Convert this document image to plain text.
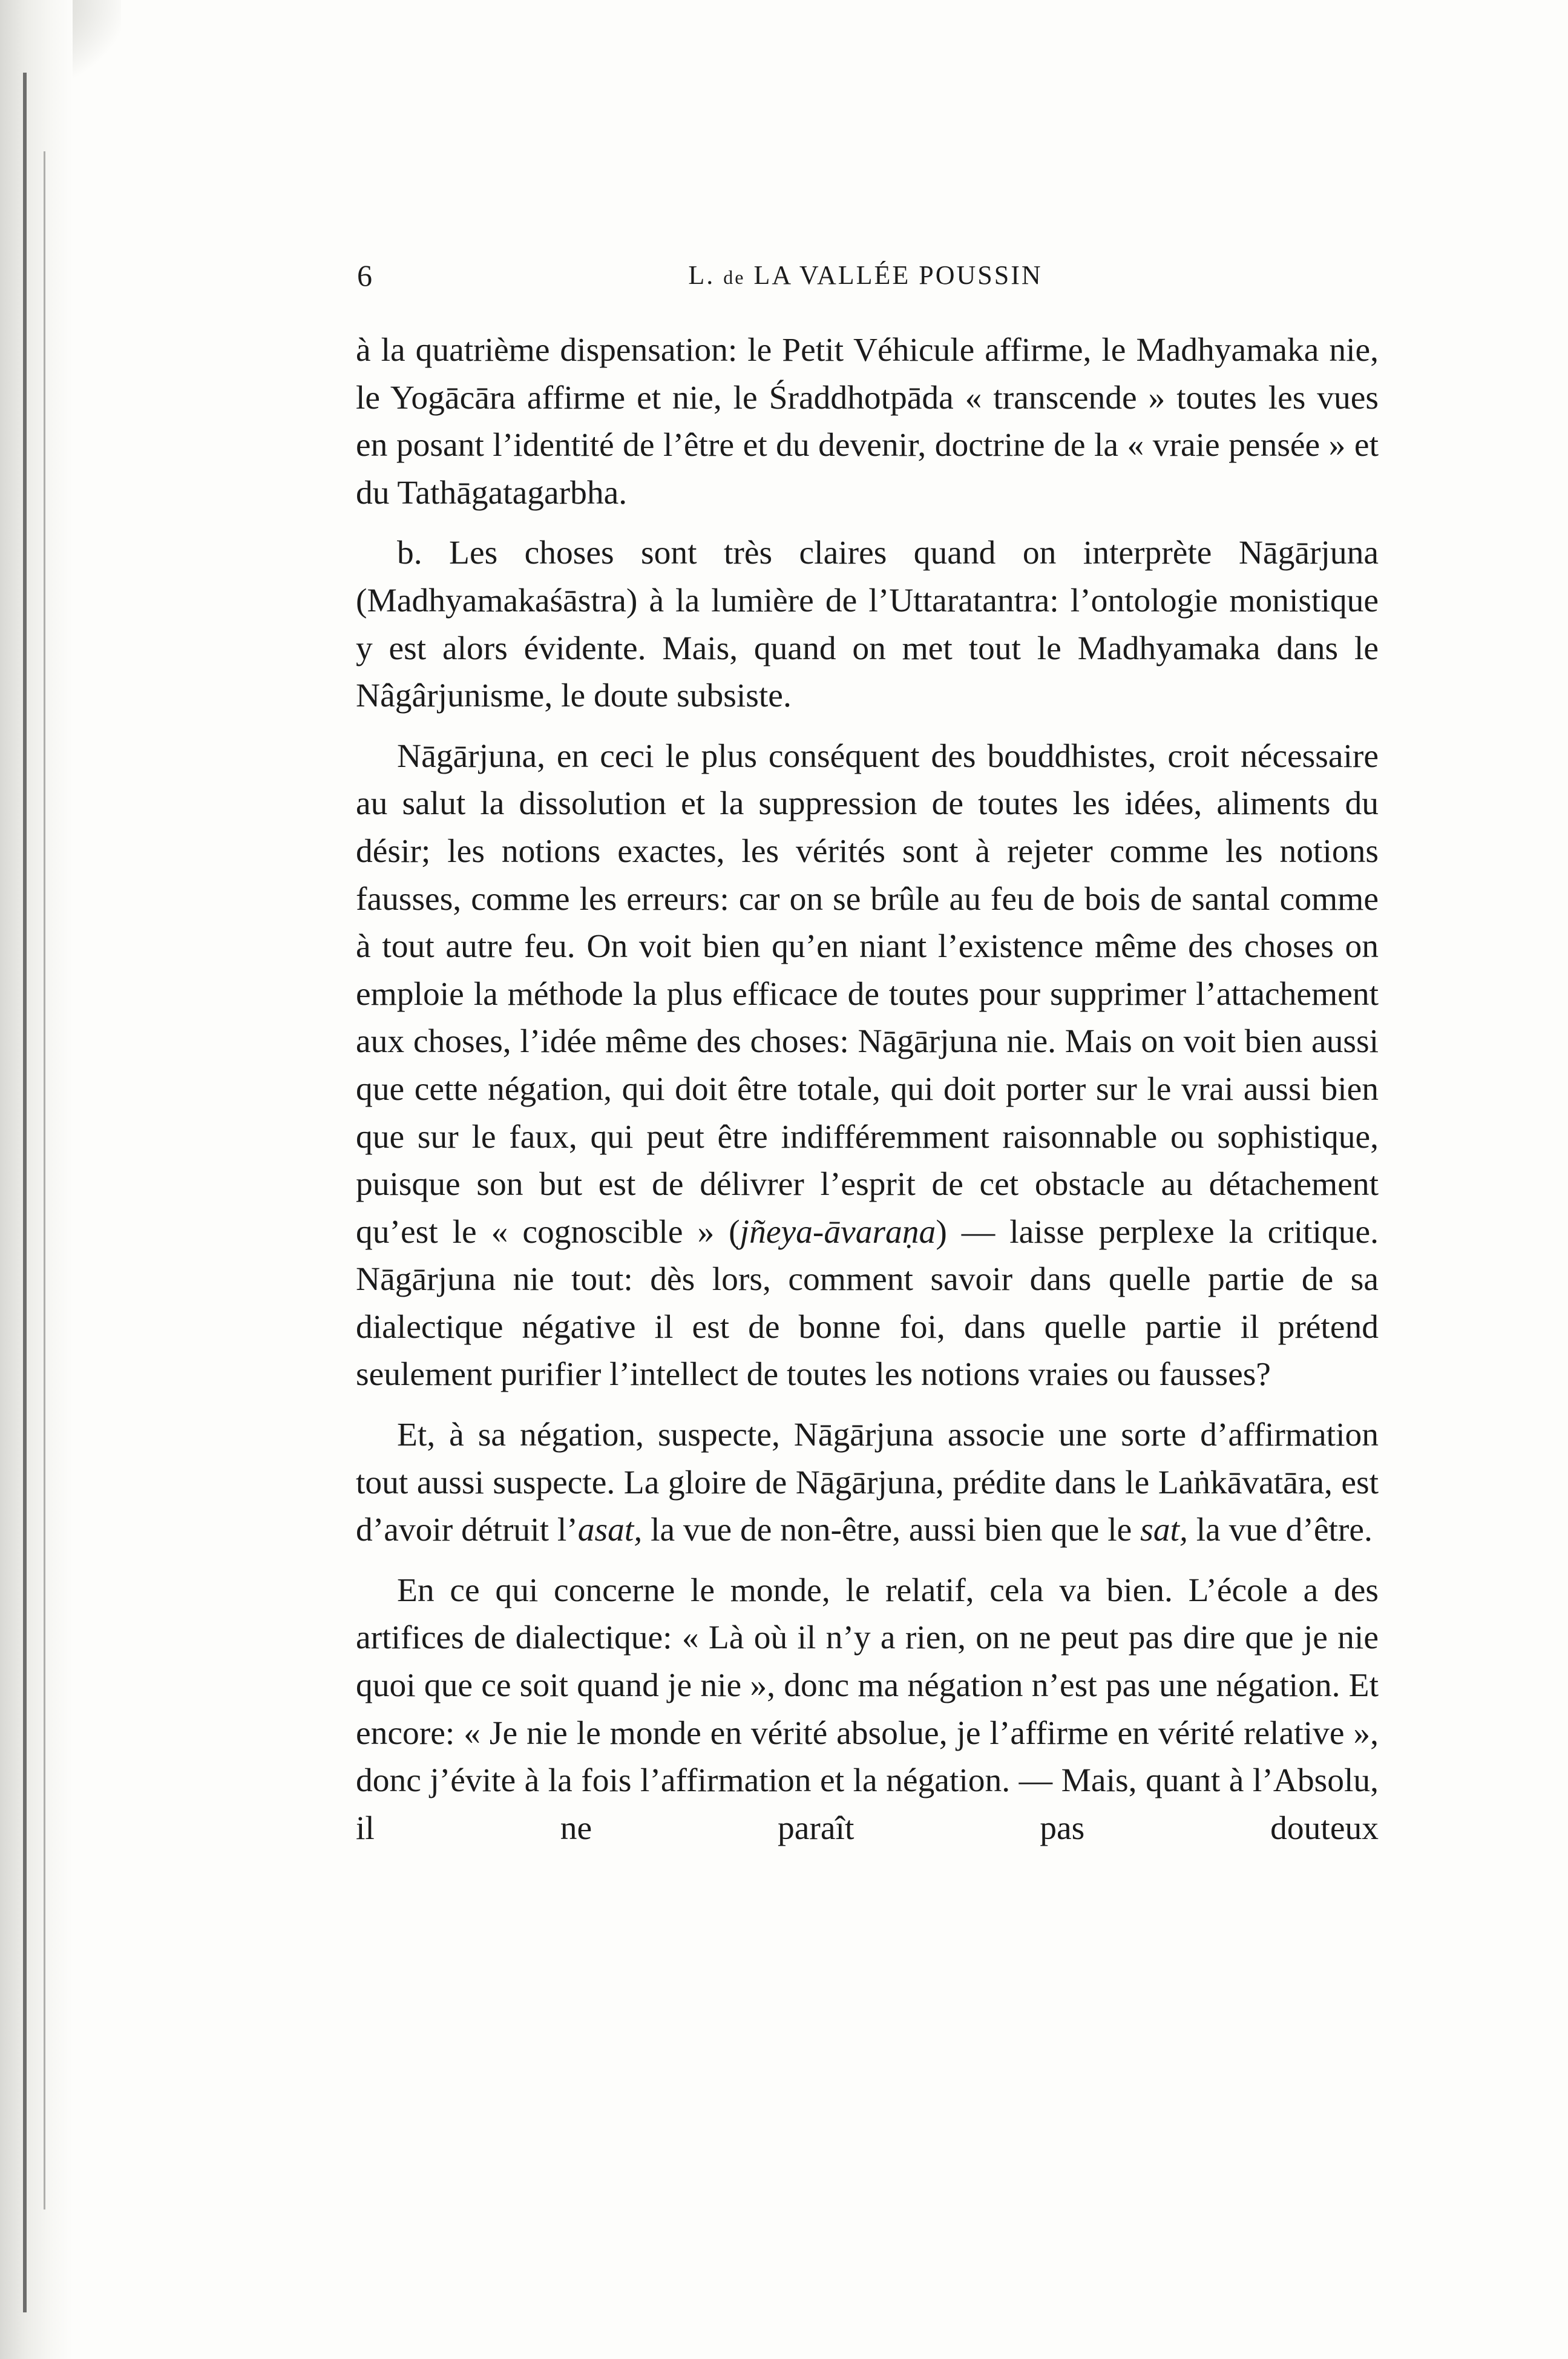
6	L. de LA VALLÉE POUSSIN

à la quatrième dispensation: le Petit Véhicule affirme, le Madhyamaka nie, le Yogācāra affirme et nie, le Śraddhotpāda « transcende » toutes les vues en posant l’identité de l’être et du devenir, doctrine de la « vraie pensée » et du Tathāgatagarbha.

b. Les choses sont très claires quand on interprète Nāgārjuna (Madhyamakaśāstra) à la lumière de l’Uttaratantra: l’ontologie monistique y est alors évidente. Mais, quand on met tout le Madhyamaka dans le Nâgârjunisme, le doute subsiste.

Nāgārjuna, en ceci le plus conséquent des bouddhistes, croit nécessaire au salut la dissolution et la suppression de toutes les idées, aliments du désir; les notions exactes, les vérités sont à rejeter comme les notions fausses, comme les erreurs: car on se brûle au feu de bois de santal comme à tout autre feu. On voit bien qu’en niant l’existence même des choses on emploie la méthode la plus efficace de toutes pour supprimer l’attachement aux choses, l’idée même des choses: Nāgārjuna nie. Mais on voit bien aussi que cette négation, qui doit être totale, qui doit porter sur le vrai aussi bien que sur le faux, qui peut être indifféremment raisonnable ou sophistique, puisque son but est de délivrer l’esprit de cet obstacle au détachement qu’est le « cognoscible » (jñeya-āvaraṇa) — laisse perplexe la critique. Nāgārjuna nie tout: dès lors, comment savoir dans quelle partie de sa dialectique négative il est de bonne foi, dans quelle partie il prétend seulement purifier l’intellect de toutes les notions vraies ou fausses?

Et, à sa négation, suspecte, Nāgārjuna associe une sorte d’affirmation tout aussi suspecte. La gloire de Nāgārjuna, prédite dans le Laṅkāvatāra, est d’avoir détruit l’asat, la vue de non-être, aussi bien que le sat, la vue d’être.

En ce qui concerne le monde, le relatif, cela va bien. L’école a des artifices de dialectique: « Là où il n’y a rien, on ne peut pas dire que je nie quoi que ce soit quand je nie », donc ma négation n’est pas une négation. Et encore: « Je nie le monde en vérité absolue, je l’affirme en vérité relative », donc j’évite à la fois l’affirmation et la négation. — Mais, quant à l’Absolu, il ne paraît pas douteux
